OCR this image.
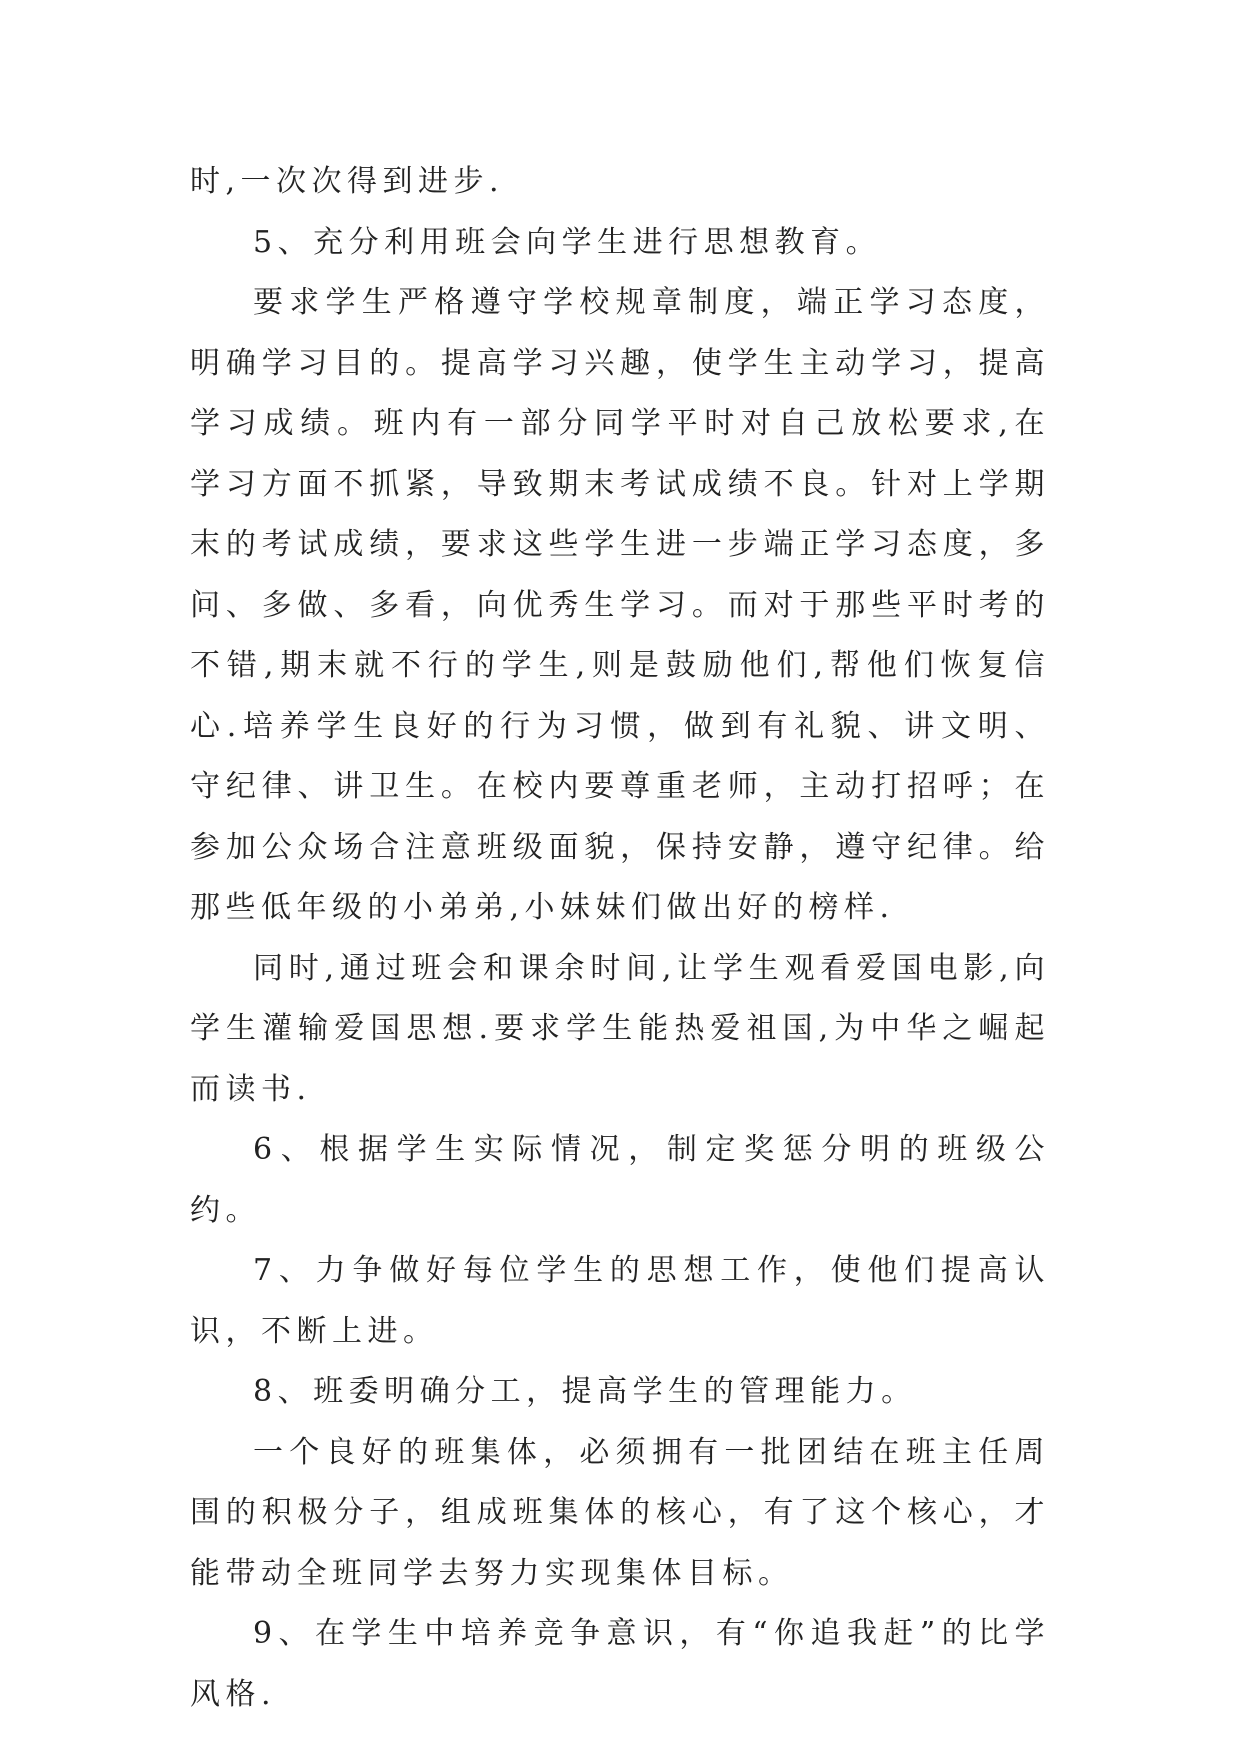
时,一次次得到进步.

5、充分利用班会向学生进行思想教育。

要求学生严格遵守学校规章制度，端正学习态度，明确学习目的。提高学习兴趣，使学生主动学习，提高学习成绩。班内有一部分同学平时对自己放松要求,在学习方面不抓紧，导致期末考试成绩不良。针对上学期末的考试成绩，要求这些学生进一步端正学习态度，多问、多做、多看，向优秀生学习。而对于那些平时考的不错,期末就不行的学生,则是鼓励他们,帮他们恢复信心.培养学生良好的行为习惯，做到有礼貌、讲文明、守纪律、讲卫生。在校内要尊重老师，主动打招呼；在参加公众场合注意班级面貌，保持安静，遵守纪律。给那些低年级的小弟弟,小妹妹们做出好的榜样.

同时,通过班会和课余时间,让学生观看爱国电影,向学生灌输爱国思想.要求学生能热爱祖国,为中华之崛起而读书.

6、根据学生实际情况，制定奖惩分明的班级公约。

7、力争做好每位学生的思想工作，使他们提高认识，不断上进。

8、班委明确分工，提高学生的管理能力。

一个良好的班集体，必须拥有一批团结在班主任周围的积极分子，组成班集体的核心，有了这个核心，才能带动全班同学去努力实现集体目标。

9、在学生中培养竞争意识，有“你追我赶”的比学风格.
